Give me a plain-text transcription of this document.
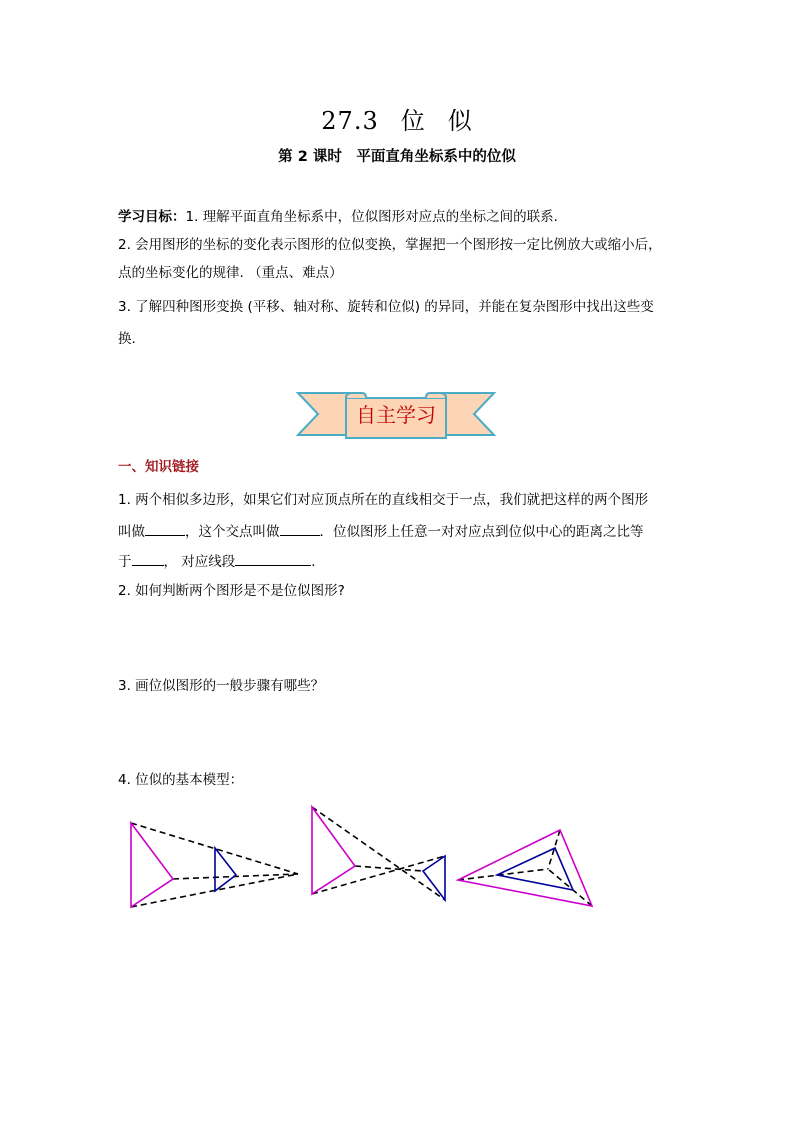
27.3 位 似
第 2 课时　平面直角坐标系中的位似
学习目标：1. 理解平面直角坐标系中，位似图形对应点的坐标之间的联系．
2. 会用图形的坐标的变化表示图形的位似变换，掌握把一个图形按一定比例放大或缩小后，
点的坐标变化的规律. （重点、难点）
3. 了解四种图形变换 (平移、轴对称、旋转和位似) 的异同，并能在复杂图形中找出这些变
换.
自主学习
一、知识链接
1. 两个相似多边形，如果它们对应顶点所在的直线相交于一点，我们就把这样的两个图形
叫做	，这个交点叫做	．位似图形上任意一对对应点到位似中心的距离之比等
于 ， 对应线段	.
2. 如何判断两个图形是不是位似图形?
3. 画位似图形的一般步骤有哪些？
4. 位似的基本模型：
